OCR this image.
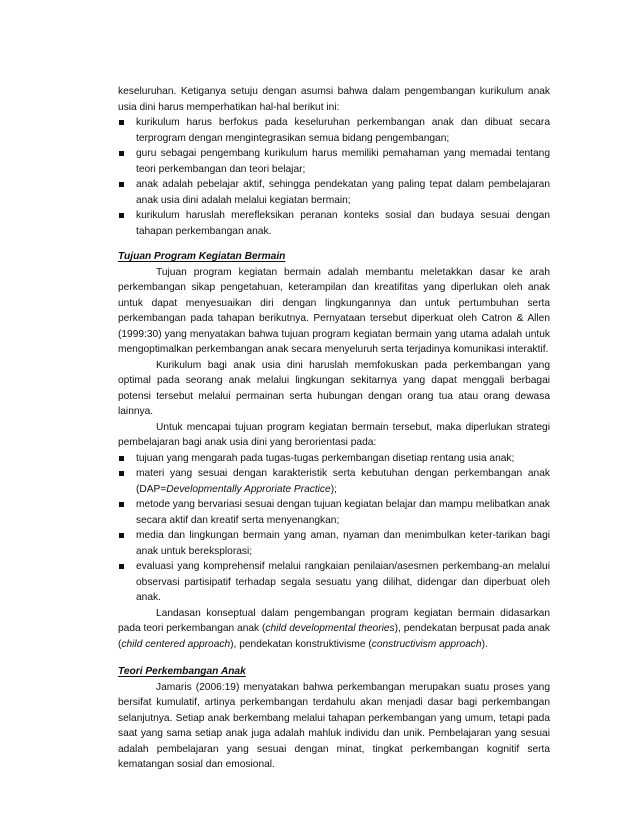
keseluruhan. Ketiganya setuju dengan asumsi bahwa dalam pengembangan kurikulum anak usia dini harus memperhatikan hal-hal berikut ini:

kurikulum harus berfokus pada keseluruhan perkembangan anak dan dibuat secara terprogram dengan mengintegrasikan semua bidang pengembangan;
guru sebagai pengembang kurikulum harus memiliki pemahaman yang memadai tentang teori perkembangan dan teori belajar;
anak adalah pebelajar aktif, sehingga pendekatan yang paling tepat dalam pembelajaran anak usia dini adalah melalui kegiatan bermain;
kurikulum haruslah merefleksikan peranan konteks sosial dan budaya sesuai dengan tahapan perkembangan anak.

Tujuan Program Kegiatan Bermain

Tujuan program kegiatan bermain adalah membantu meletakkan dasar ke arah perkembangan sikap pengetahuan, keterampilan dan kreatifitas yang diperlukan oleh anak untuk dapat menyesuaikan diri dengan lingkungannya dan untuk pertumbuhan serta perkembangan pada tahapan berikutnya. Pernyataan tersebut diperkuat oleh Catron & Allen (1999:30) yang menyatakan bahwa tujuan program kegiatan bermain yang utama adalah untuk mengoptimalkan perkembangan anak secara menyeluruh serta terjadinya komunikasi interaktif.

Kurikulum bagi anak usia dini haruslah memfokuskan pada perkembangan yang optimal pada seorang anak melalui lingkungan sekitarnya yang dapat menggali berbagai potensi tersebut melalui permainan serta hubungan dengan orang tua atau orang dewasa lainnya.

Untuk mencapai tujuan program kegiatan bermain tersebut, maka diperlukan strategi pembelajaran bagi anak usia dini yang berorientasi pada:

tujuan yang mengarah pada tugas-tugas perkembangan disetiap rentang usia anak;
materi yang sesuai dengan karakteristik serta kebutuhan dengan perkembangan anak (DAP=Developmentally Approriate Practice);
metode yang bervariasi sesuai dengan tujuan kegiatan belajar dan mampu melibatkan anak secara aktif dan kreatif serta menyenangkan;
media dan lingkungan bermain yang aman, nyaman dan menimbulkan keter-tarikan bagi anak untuk bereksplorasi;
evaluasi yang komprehensif melalui rangkaian penilaian/asesmen perkembang-an melalui observasi partisipatif terhadap segala sesuatu yang dilihat, didengar dan diperbuat oleh anak.

Landasan konseptual dalam pengembangan program kegiatan bermain didasarkan pada teori perkembangan anak (child developmental theories), pendekatan berpusat pada anak (child centered approach), pendekatan konstruktivisme (constructivism approach).

Teori Perkembangan Anak

Jamaris (2006:19) menyatakan bahwa perkembangan merupakan suatu proses yang bersifat kumulatif, artinya perkembangan terdahulu akan menjadi dasar bagi perkembangan selanjutnya. Setiap anak berkembang melalui tahapan perkembangan yang umum, tetapi pada saat yang sama setiap anak juga adalah mahluk individu dan unik. Pembelajaran yang sesuai adalah pembelajaran yang sesuai dengan minat, tingkat perkembangan kognitif serta kematangan sosial dan emosional.
